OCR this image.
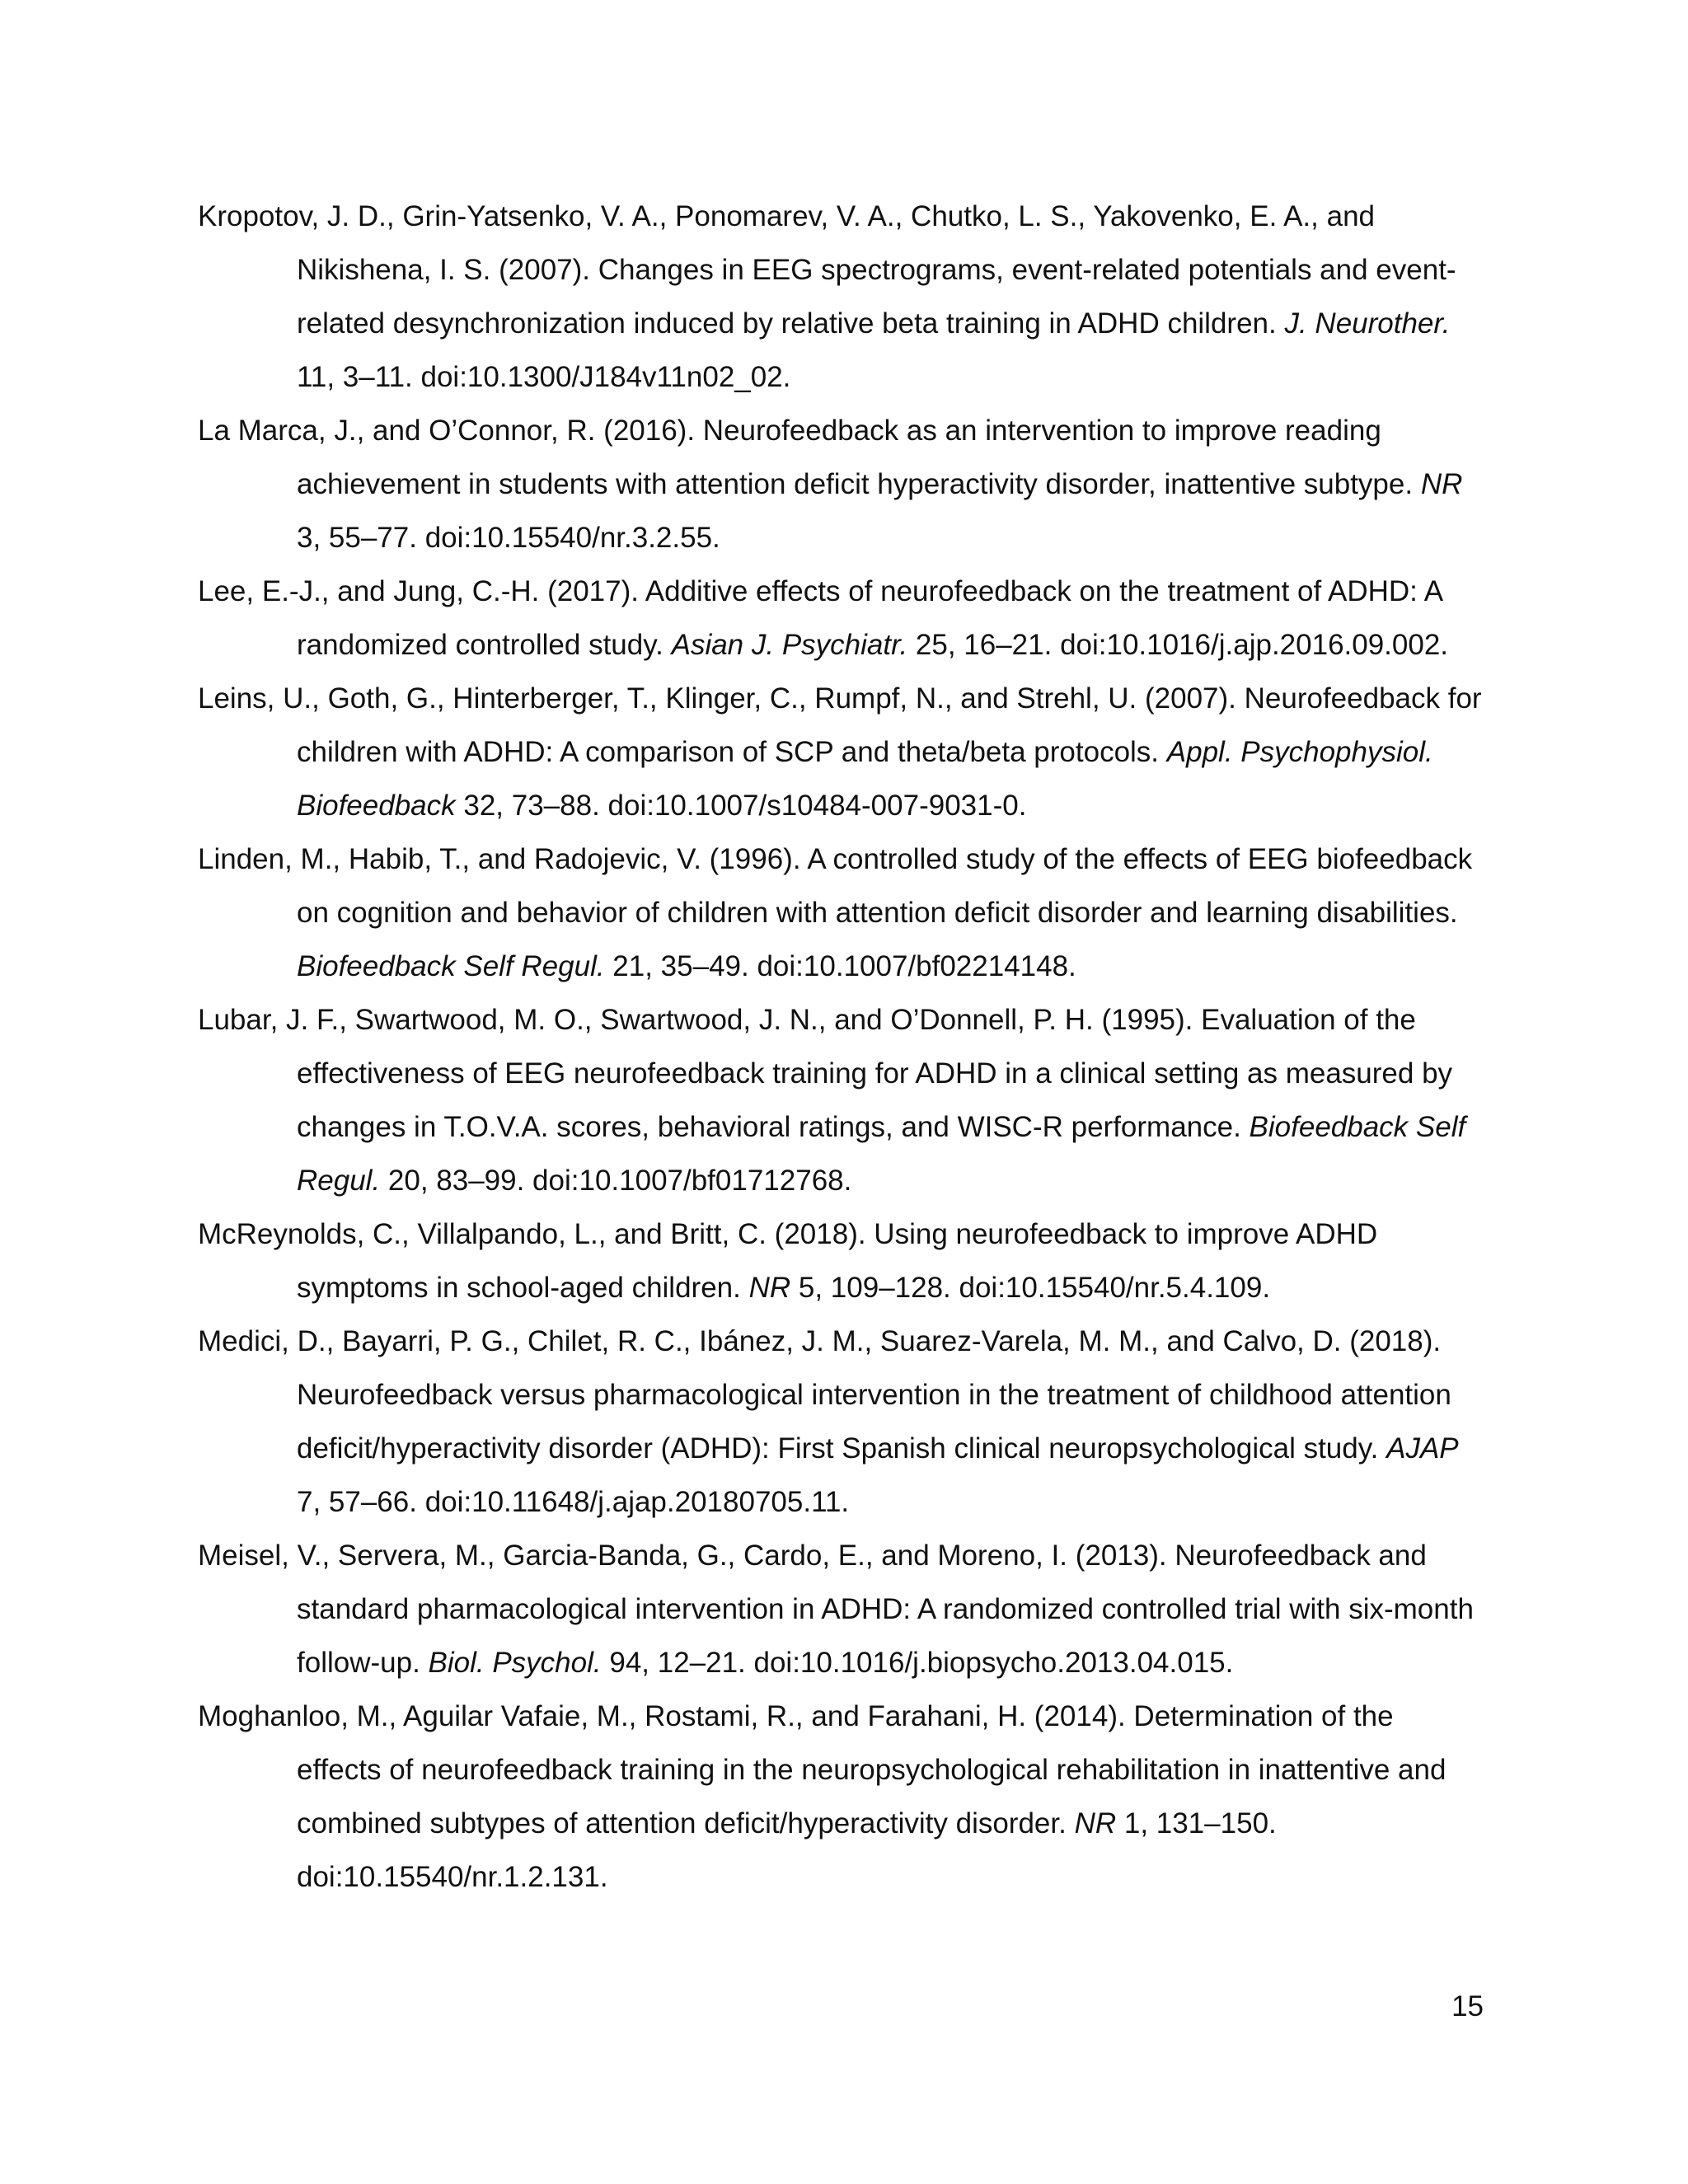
Kropotov, J. D., Grin-Yatsenko, V. A., Ponomarev, V. A., Chutko, L. S., Yakovenko, E. A., and Nikishena, I. S. (2007). Changes in EEG spectrograms, event-related potentials and event-related desynchronization induced by relative beta training in ADHD children. J. Neurother. 11, 3–11. doi:10.1300/J184v11n02_02.
La Marca, J., and O’Connor, R. (2016). Neurofeedback as an intervention to improve reading achievement in students with attention deficit hyperactivity disorder, inattentive subtype. NR 3, 55–77. doi:10.15540/nr.3.2.55.
Lee, E.-J., and Jung, C.-H. (2017). Additive effects of neurofeedback on the treatment of ADHD: A randomized controlled study. Asian J. Psychiatr. 25, 16–21. doi:10.1016/j.ajp.2016.09.002.
Leins, U., Goth, G., Hinterberger, T., Klinger, C., Rumpf, N., and Strehl, U. (2007). Neurofeedback for children with ADHD: A comparison of SCP and theta/beta protocols. Appl. Psychophysiol. Biofeedback 32, 73–88. doi:10.1007/s10484-007-9031-0.
Linden, M., Habib, T., and Radojevic, V. (1996). A controlled study of the effects of EEG biofeedback on cognition and behavior of children with attention deficit disorder and learning disabilities. Biofeedback Self Regul. 21, 35–49. doi:10.1007/bf02214148.
Lubar, J. F., Swartwood, M. O., Swartwood, J. N., and O’Donnell, P. H. (1995). Evaluation of the effectiveness of EEG neurofeedback training for ADHD in a clinical setting as measured by changes in T.O.V.A. scores, behavioral ratings, and WISC-R performance. Biofeedback Self Regul. 20, 83–99. doi:10.1007/bf01712768.
McReynolds, C., Villalpando, L., and Britt, C. (2018). Using neurofeedback to improve ADHD symptoms in school-aged children. NR 5, 109–128. doi:10.15540/nr.5.4.109.
Medici, D., Bayarri, P. G., Chilet, R. C., Ibánez, J. M., Suarez-Varela, M. M., and Calvo, D. (2018). Neurofeedback versus pharmacological intervention in the treatment of childhood attention deficit/hyperactivity disorder (ADHD): First Spanish clinical neuropsychological study. AJAP 7, 57–66. doi:10.11648/j.ajap.20180705.11.
Meisel, V., Servera, M., Garcia-Banda, G., Cardo, E., and Moreno, I. (2013). Neurofeedback and standard pharmacological intervention in ADHD: A randomized controlled trial with six-month follow-up. Biol. Psychol. 94, 12–21. doi:10.1016/j.biopsycho.2013.04.015.
Moghanloo, M., Aguilar Vafaie, M., Rostami, R., and Farahani, H. (2014). Determination of the effects of neurofeedback training in the neuropsychological rehabilitation in inattentive and combined subtypes of attention deficit/hyperactivity disorder. NR 1, 131–150. doi:10.15540/nr.1.2.131.
15
